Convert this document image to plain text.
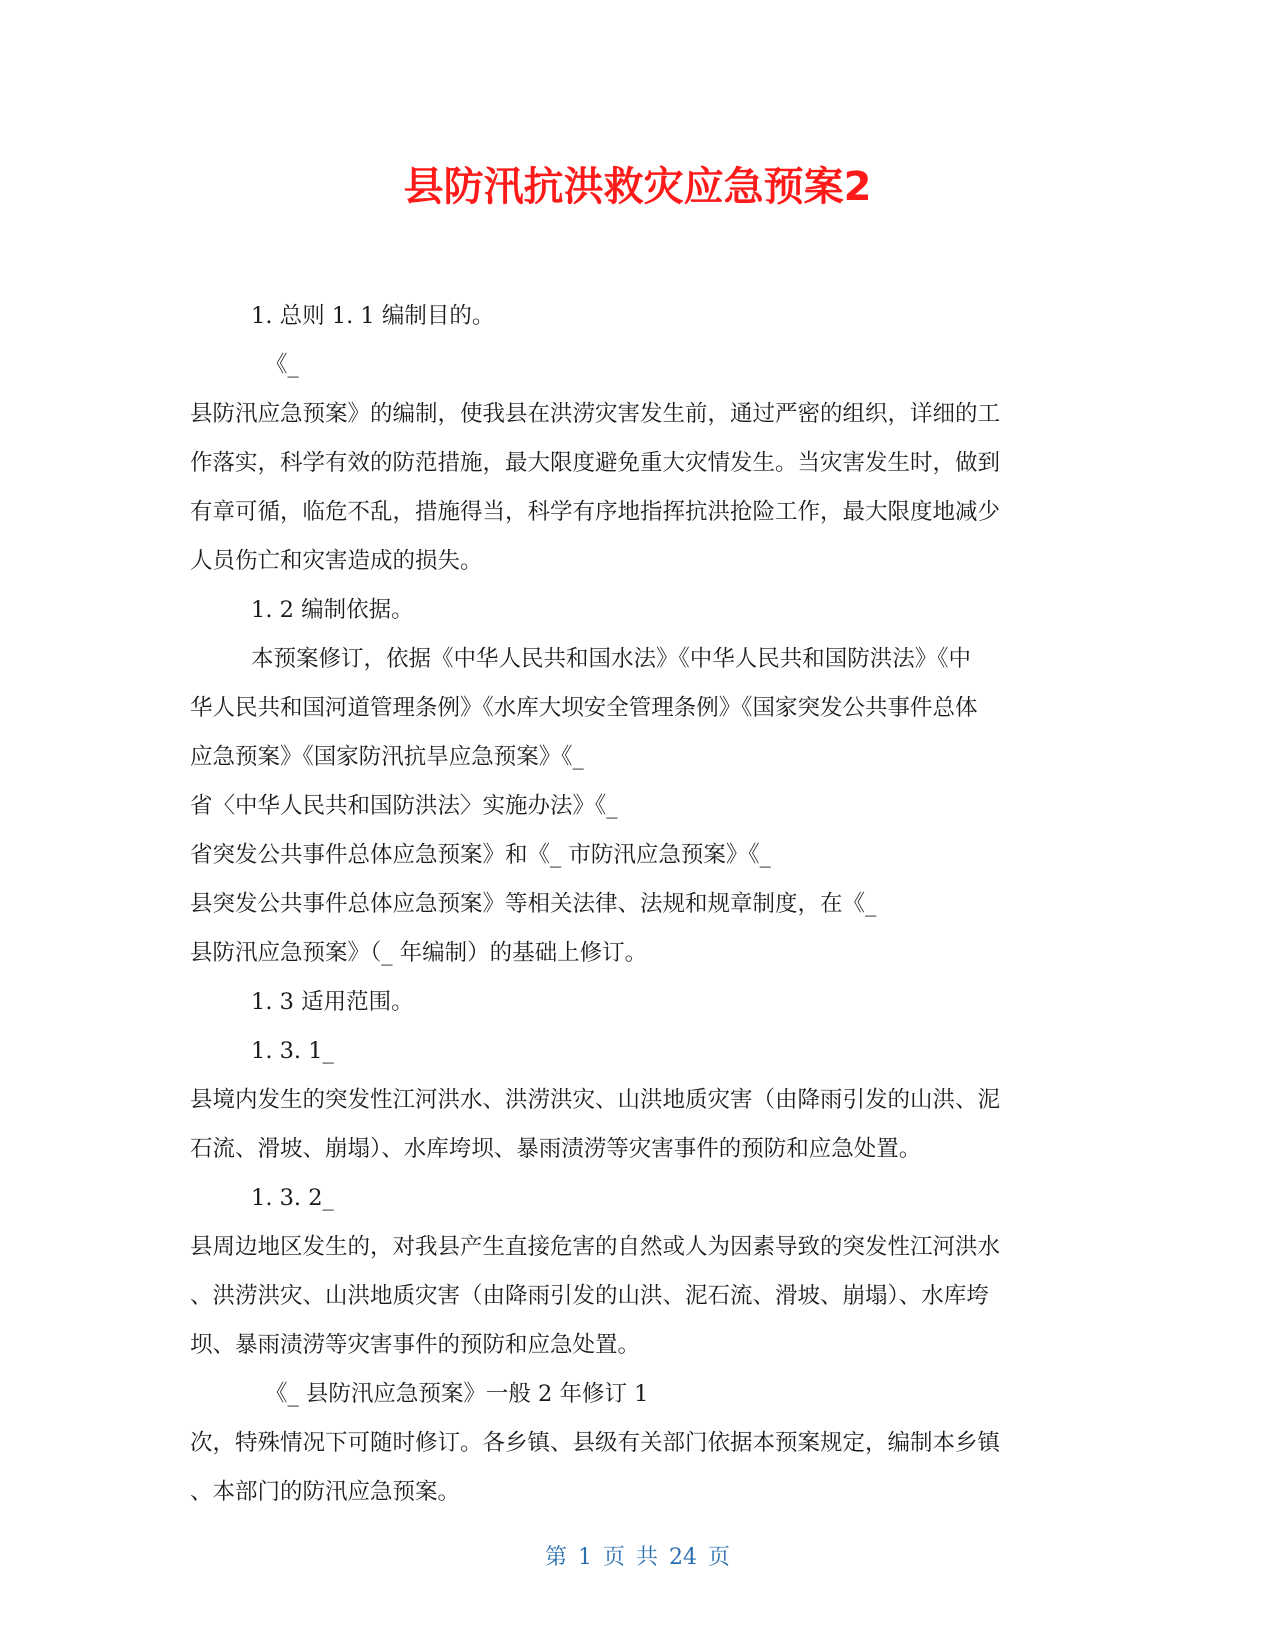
县防汛抗洪救灾应急预案2
1. 总则 1. 1 编制目的。
《_
县防汛应急预案》的编制，使我县在洪涝灾害发生前，通过严密的组织，详细的工
作落实，科学有效的防范措施，最大限度避免重大灾情发生。当灾害发生时，做到
有章可循，临危不乱，措施得当，科学有序地指挥抗洪抢险工作，最大限度地减少
人员伤亡和灾害造成的损失。
1. 2 编制依据。
本预案修订，依据《中华人民共和国水法》《中华人民共和国防洪法》《中
华人民共和国河道管理条例》《水库大坝安全管理条例》《国家突发公共事件总体
应急预案》《国家防汛抗旱应急预案》《_
省〈中华人民共和国防洪法〉实施办法》《_
省突发公共事件总体应急预案》和《_ 市防汛应急预案》《_
县突发公共事件总体应急预案》等相关法律、法规和规章制度，在《_
县防汛应急预案》（_ 年编制）的基础上修订。
1. 3 适用范围。
1. 3. 1_
县境内发生的突发性江河洪水、洪涝洪灾、山洪地质灾害（由降雨引发的山洪、泥
石流、滑坡、崩塌）、水库垮坝、暴雨渍涝等灾害事件的预防和应急处置。
1. 3. 2_
县周边地区发生的，对我县产生直接危害的自然或人为因素导致的突发性江河洪水
、洪涝洪灾、山洪地质灾害（由降雨引发的山洪、泥石流、滑坡、崩塌）、水库垮
坝、暴雨渍涝等灾害事件的预防和应急处置。
《_ 县防汛应急预案》一般 2 年修订 1
次，特殊情况下可随时修订。各乡镇、县级有关部门依据本预案规定，编制本乡镇
、本部门的防汛应急预案。
第 1 页 共 24 页
